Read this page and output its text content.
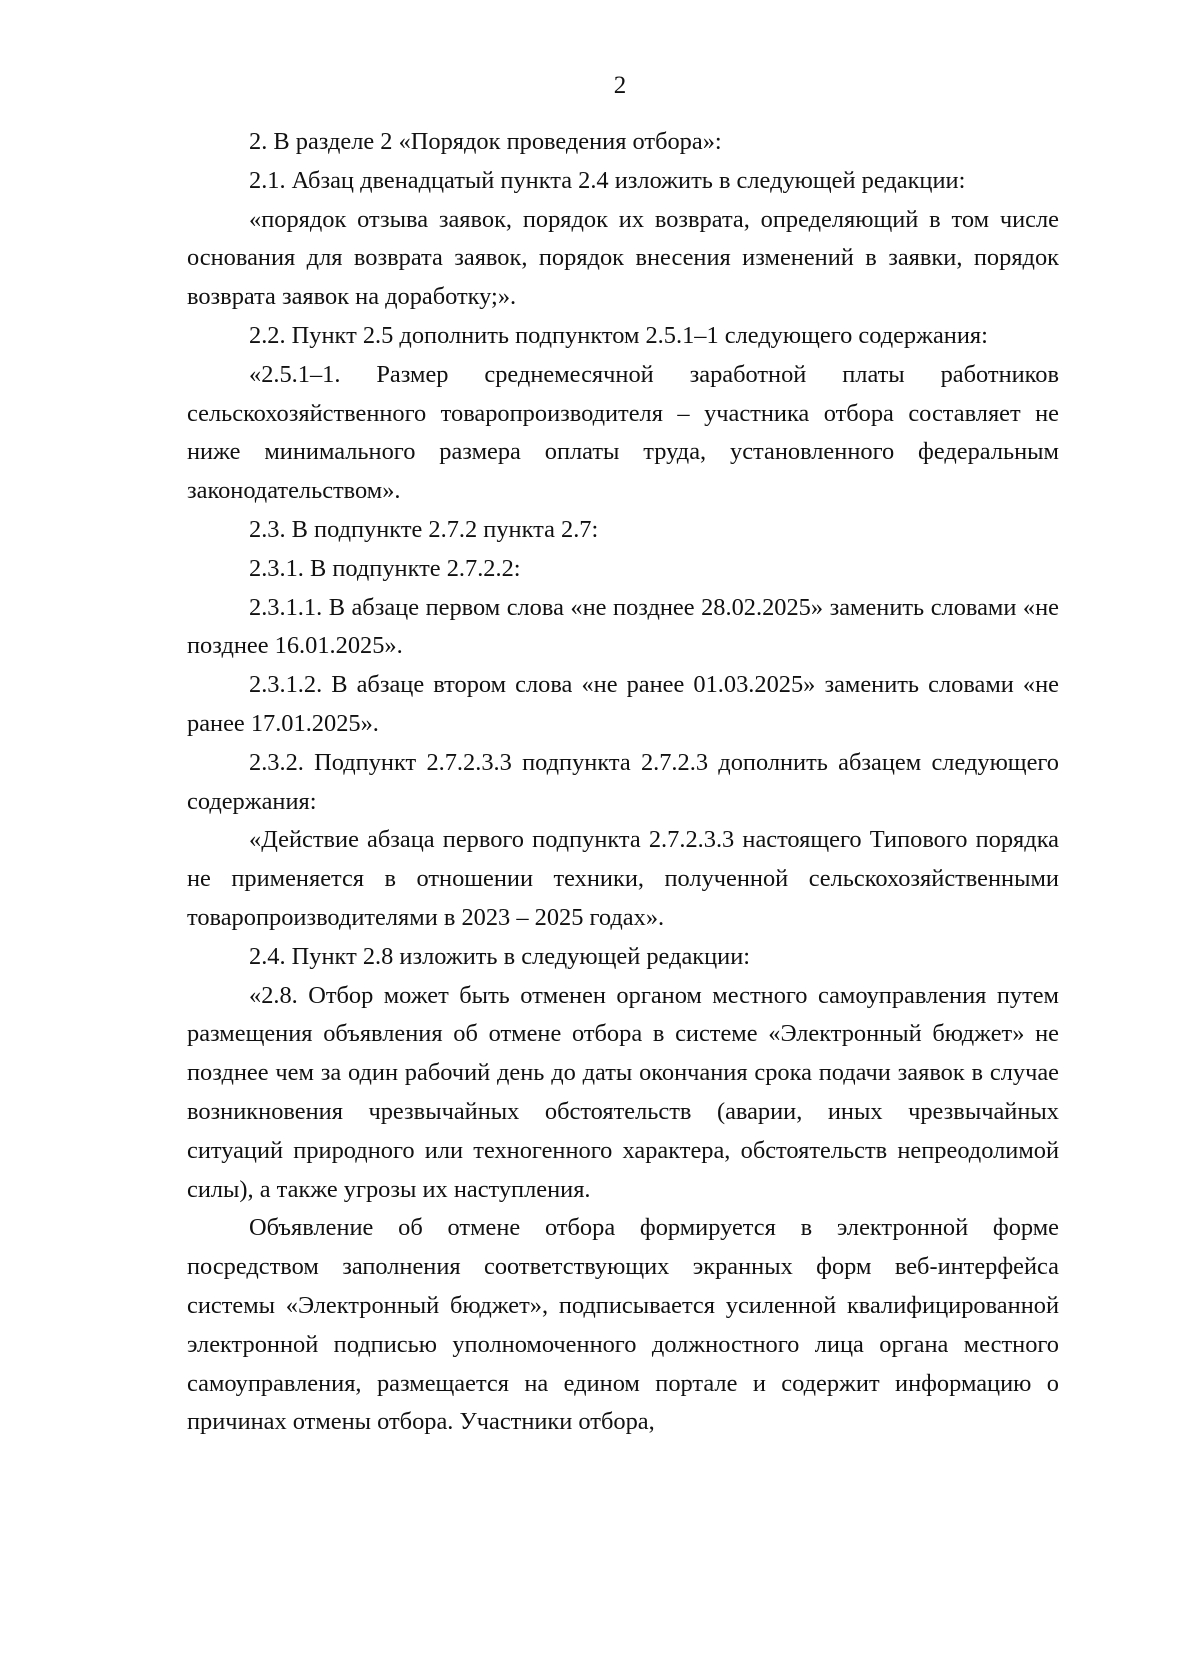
2

2. В разделе 2 «Порядок проведения отбора»:

2.1. Абзац двенадцатый пункта 2.4 изложить в следующей редакции:

«порядок отзыва заявок, порядок их возврата, определяющий в том числе основания для возврата заявок, порядок внесения изменений в заявки, порядок возврата заявок на доработку;».

2.2. Пункт 2.5 дополнить подпунктом 2.5.1–1 следующего содержания:

«2.5.1–1. Размер среднемесячной заработной платы работников сельскохозяйственного товаропроизводителя – участника отбора составляет не ниже минимального размера оплаты труда, установленного федеральным законодательством».

2.3. В подпункте 2.7.2 пункта 2.7:

2.3.1. В подпункте 2.7.2.2:

2.3.1.1. В абзаце первом слова «не позднее 28.02.2025» заменить словами «не позднее 16.01.2025».

2.3.1.2. В абзаце втором слова «не ранее 01.03.2025» заменить словами «не ранее 17.01.2025».

2.3.2. Подпункт 2.7.2.3.3 подпункта 2.7.2.3 дополнить абзацем следующего содержания:

«Действие абзаца первого подпункта 2.7.2.3.3 настоящего Типового порядка не применяется в отношении техники, полученной сельскохозяйственными товаропроизводителями в 2023 – 2025 годах».

2.4. Пункт 2.8 изложить в следующей редакции:

«2.8. Отбор может быть отменен органом местного самоуправления путем размещения объявления об отмене отбора в системе «Электронный бюджет» не позднее чем за один рабочий день до даты окончания срока подачи заявок в случае возникновения чрезвычайных обстоятельств (аварии, иных чрезвычайных ситуаций природного или техногенного характера, обстоятельств непреодолимой силы), а также угрозы их наступления.

Объявление об отмене отбора формируется в электронной форме посредством заполнения соответствующих экранных форм веб-интерфейса системы «Электронный бюджет», подписывается усиленной квалифицированной электронной подписью уполномоченного должностного лица органа местного самоуправления, размещается на едином портале и содержит информацию о причинах отмены отбора. Участники отбора,
